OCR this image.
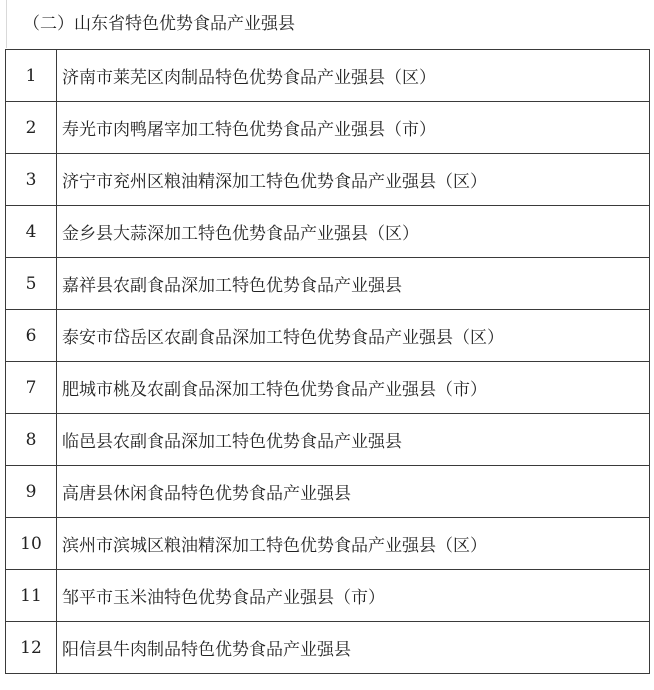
（二）山东省特色优势食品产业强县
1	济南市莱芜区肉制品特色优势食品产业强县（区）
2	寿光市肉鸭屠宰加工特色优势食品产业强县（市）
3	济宁市兖州区粮油精深加工特色优势食品产业强县（区）
4	金乡县大蒜深加工特色优势食品产业强县（区）
5	嘉祥县农副食品深加工特色优势食品产业强县
6	泰安市岱岳区农副食品深加工特色优势食品产业强县（区）
7	肥城市桃及农副食品深加工特色优势食品产业强县（市）
8	临邑县农副食品深加工特色优势食品产业强县
9	高唐县休闲食品特色优势食品产业强县
10	滨州市滨城区粮油精深加工特色优势食品产业强县（区）
11	邹平市玉米油特色优势食品产业强县（市）
12	阳信县牛肉制品特色优势食品产业强县
